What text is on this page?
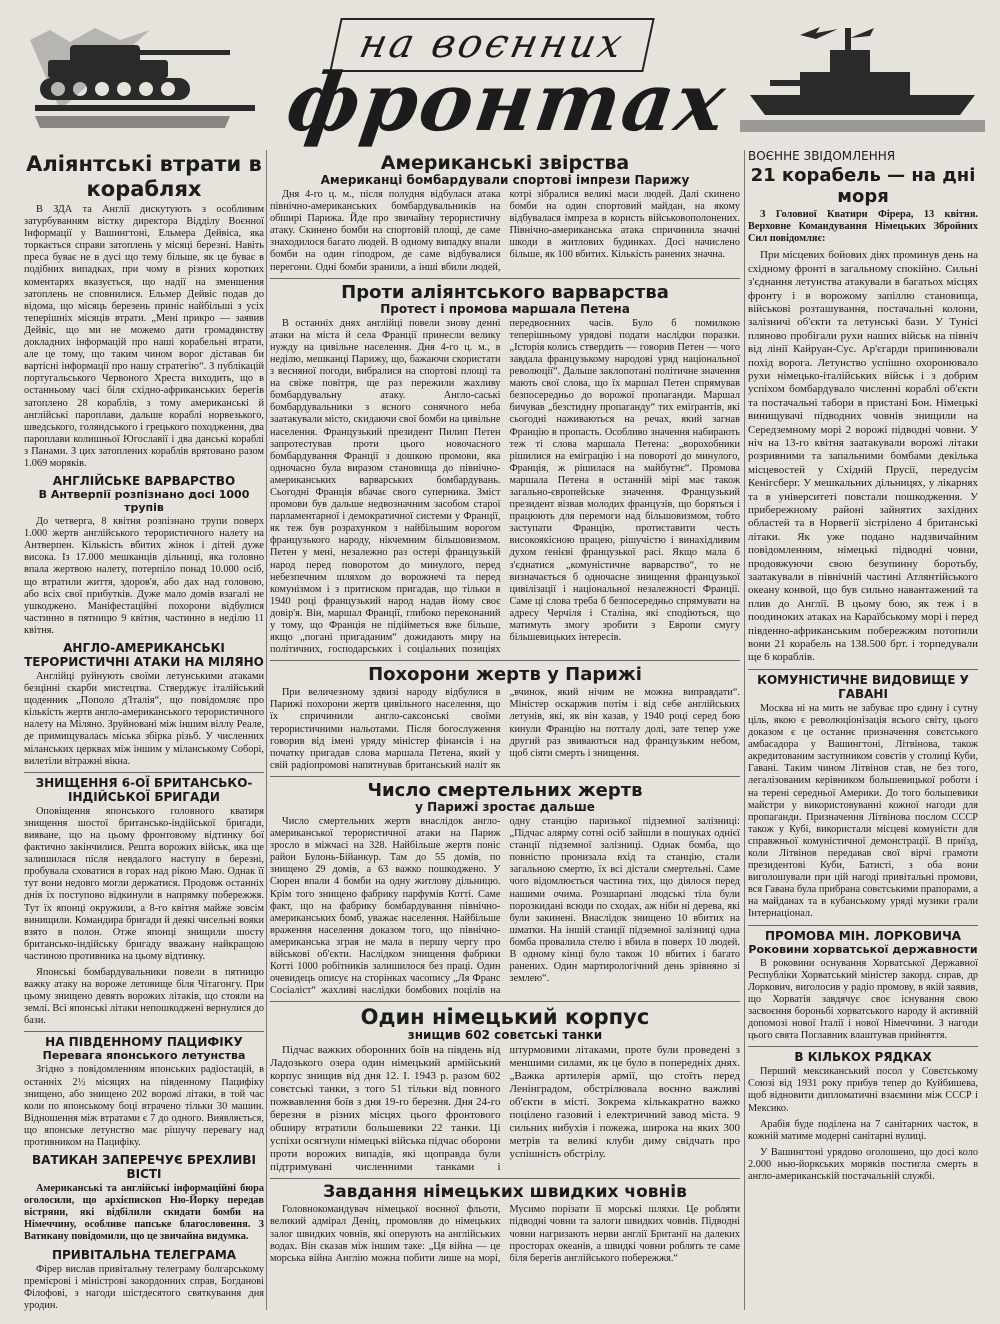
на воєнних
фронтах
Аліянтські втрати в кораблях

В ЗДА та Англії дискутують з особливим затурбуванням вістку директора Відділу Воєнної Інформації у Вашингтоні, Ельмера Дейвіса, яка торкається справи затоплень у місяці березні. Навіть преса буває не в дусі що тему більше, як це буває в подібних випадках, при чому в різних коротких коментарях вказується, що надії на зменшення затоплень не сповнилися. Ельмер Дейвіс подав до відома, що місяць березень приніс найбільші з усіх теперішніх місяців втрати. „Мені прикро — заявив Дейвіс, що ми не можемо дати громадянству докладних інформацій про наші корабельні втрати, але це тому, що таким чином ворог діставав би вартісні інформації про нашу стратегію“. З публікацій португальського Червоного Хреста виходить, що в останньому часі біля східно-африканських берегів затоплено 28 кораблів, з тому американські й англійські пароплави, дальше кораблі норвезького, шведського, голяндського і грецького походження, два пароплави колишньої Югославії і два данські кораблі з Панами. З цих затоплених кораблів врятовано разом 1.069 моряків.

АНГЛІЙСЬКЕ ВАРВАРСТВО
В Антверпії розпізнано досі 1000 трупів

До четверга, 8 квітня розпізнано трупи поверх 1.000 жертв англійського терористичного налету на Антверпен. Кількість вбитих жінок і дітей дуже висока. Із 17.000 мешканців дільниці, яка головно впала жертвою налету, потерпіло понад 10.000 осіб, що втратили життя, здоров'я, або дах над головою, або всіх свої прибутків. Дуже мало домів взагалі не ушкоджено. Маніфестаційні похорони відбулися частинно в пятницю 9 квітня, частинно в неділю 11 квітня.

АНГЛО-АМЕРИКАНСЬКІ ТЕРОРИСТИЧНІ АТАКИ НА МІЛЯНО

Англійці руйнують своїми летунськими атаками безцінні скарби мистецтва. Стверджує італійський щоденник „Пополо д'Італія“, що повідомляє про кількість жертв англо-американського терористичного налету на Міляно. Зруйновані між іншим віллу Реале, де примищувалась міська збірка різьб. У численних міланських церквах між іншим у міланському Соборі, вилетіли вітражні вікна.

ЗНИЩЕННЯ 6-ОЇ БРИТАНСЬКО-ІНДІЙСЬКОЇ БРИГАДИ

Оповіщення японського головного кватиря знищення шостої британсько-індійської бригади, вияване, що на цьому фронтовому відтинку бої фактично закінчилися. Решта ворожих військ, яка ще залишилася після невдалого наступу в березні, пробувала сховатися в горах над рікою Маю. Однак її тут вони недовго могли держатися. Продовж останніх днів їх поступово відкинули в напрямку побережжя. Тут їх японці окружили, а 8-го квітня майже зовсім винищили. Командира бригади й деякі чисельні вояки взято в полон. Отже японці знищили шосту британсько-індійську бригаду вважану найкращою частиною противника на цьому відтинку.

Японські бомбардувальники повели в пятницю важку атаку на вороже летовище біля Чітагонгу. При цьому знищено девять ворожих літаків, що стояли на землі. Всі японські літаки непошкоджені вернулися до бази.

НА ПІВДЕННОМУ ПАЦИФІКУ
Перевага японського летунства

Згідно з повідомленням японських радіостацій, в останніх 2½ місяцях на південному Пацифіку знищено, або знищено 202 ворожі літаки, в той час коли по японському боці втрачено тільки 30 машин. Відношення між втратами є 7 до одного. Виявляється, що японське летунство має рішучу перевагу над противником на Пацифіку.

ВАТИКАН ЗАПЕРЕЧУЄ БРЕХЛИВІ ВІСТІ

Американські та англійські інформаційні бюра оголосили, що архієпископ Ню-Йорку передав вістряни, які відбілили скидати бомби на Німеччину, особливе папське благословення. З Ватикану повідомили, що це звичайна видумка.

ПРИВІТАЛЬНА ТЕЛЕГРАМА

Фірер вислав привітальну телеграму болгарському премієрові і міністрові закордонних справ, Богданові Філофові, з нагоди шістдесятого святкування дня уродин.

Американські звірства
Американці бомбардували спортові імпрези Парижу

Дня 4-го ц. м., після полудня відбулася атака північно-американських бомбардувальників на обширі Парижа. Йде про звичайну терористичну атаку. Скинено бомби на спортовій площі, де саме знаходилося багато людей. В одному випадку впали бомби на один гіподром, де саме відбувалися перегони. Одні бомби зранили, а інші вбили людей, котрі зібралися великі маси людей. Далі скинено бомби на один спортовий майдан, на якому відбувалася імпреза в користь військовополонених. Північно-американська атака спричинила значні шкоди в житлових будинках. Досі начислено більше, як 100 вбитих. Кількість ранених значна.

Проти аліянтського варварства
Протест і промова маршала Петена

В останніх днях англійці повели знову денні атаки на міста й села Франції принесли велику нужду на цивільне населення. Дня 4-го ц. м., в неділю, мешканці Парижу, що, бажаючи скористати з весняної погоди, вибралися на спортові площі та на свіже повітря, ще раз пережили жахливу бомбардувальну атаку. Англо-саські бомбардувальники з ясного сонячного неба заатакували місто, скидаючи свої бомби на цивільне населення. Французький президент Пилип Петен запротестував проти цього новочасного бомбардування Франції з дошкою промови, яка одночасно була виразом становища до північно-американських варварських бомбардувань. Сьогодні Франція вбачає свого суперника. Зміст промови був дальше недвозначним засобом старої парламентарної і демократичної системи у Франції, як теж був розрахунком з найбільшим ворогом французького народу, нікчемним більшовизмом. Петен у мені, незалежно раз остері французькій народ перед поворотом до минулого, перед небезпечним шляхом до ворожнечі та перед комунізмом і з притиском пригадав, що тільки в 1940 році французький народ надав йому своє довір'я. Він, маршал Франції, глибоко переконаний у тому, що Франція не підійметься вже більше, якщо „погані пригаданим“ дожидають миру на політичних, господарських і соціальних позиціях передвоєнних часів. Було б помилкою теперішньому урядові подати наслідки поразки. „Історія колись ствердить — говорив Петен — чого завдала французькому народові уряд національної революції“. Дальше заклопотані політичне значення мають свої слова, що їх маршал Петен спрямував безпосередньо до ворожої пропаганди. Маршал бичував „безстидну пропаганду“ тих еміґрантів, які сьогодні наживаються на речах, який загнав Францію в пропасть. Особливо значення набирають теж ті слова маршала Петена: „ворохобники рішилися на еміграцію і на повороті до минулого, Франція, ж рішилася на майбутнє“. Промова маршала Петена в останній мірі має також загально-європейське значення. Французький президент візвав молодих французів, що боряться і працюють для перемоги над більшовизмом, тобто заступати Францію, протиставити честь високоякісною працею, рішучістю і винахідливим духом ґенієві французької расі. Якщо мала б з'єднатися „комуністичне варварство“, то не визначається б одночасне знищення французької цивілізації і національної незалежності Франції. Саме ці слова треба б безпосередньо спрямувати на адресу Черчіля і Сталіна, які сподіються, що матимуть змогу зробити з Европи смугу більшевицьких інтересів.

Похорони жертв у Парижі

При величезному здвизі народу відбулися в Парижі похорони жертв цивільного населення, що їх спричинили англо-саксонські своїми терористичними нальотами. Після богослуження говорив від імені уряду міністер фінансів і на початку пригадав слова маршала Петена, який у свій радіопромові напятнував британський наліт як „вчинок, який нічим не можна виправдати“. Міністер оскаржив потім і від себе англійських летунів, які, як він казав, у 1940 році серед бою кинули Францію на потталу долі, зате тепер уже другий раз звиваються над французьким небом, щоб сіяти смерть і знищення.

Число смертельних жертв
у Парижі зростає дальше

Число смертельних жертв внаслідок англо-американської терористичної атаки на Париж зросло в міжчасі на 328. Найбільше жертв поніс район Булонь-Бійанкур. Там до 55 домів, по знищено 29 домів, а 63 важко пошкоджено. У Сюрен впали 4 бомби на одну житлову дільницю. Крім того знищено фабрику парфумів Котті. Саме факт, що на фабрику бомбардування північно-американських бомб, уважає населення. Найбільше враження населення доказом того, що північно-американська зграя не мала в першу чергу про військові об'єкти. Наслідком знищення фабрики Котті 1000 робітників залишилося без праці. Один очевидець описує на сторінках часопису „Ля Франс Сосіаліст“ жахливі наслідки бомбових поцілів на одну станцію паризької підземної залізниці: „Підчас алярму сотні осіб зайшли в пошуках однієї станції підземної залізниці. Однак бомба, що повністю пронизала вхід та станцію, стали загальною смертю, їх всі дістали смертельні. Саме чого відомлюється частина тих, що діялося перед нашими очима. Розшарпані людські тіла були порозкидані всюди по сходах, аж ніби ні дерева, які були закинені. Внаслідок знищено 10 вбитих на шматки. На іншій станції підземної залізниці одна бомба провалила стелю і вбила в поверх 10 людей. В одному кінці було також 10 вбитих і багато ранених. Один мартирологічний день зрівняно зі землею“.

Один німецький корпус
знищив 602 совєтські танки

Підчас важких оборонних боїв на південь від Ладозького озера один німецький армійський корпус знищив від дня 12. І. 1943 р. разом 602 совєтські танки, з того 51 тільки від повного пожвавлення боїв з дня 19-го березня. Дня 24-го березня в різних місцях цього фронтового обширу втратили большевики 22 танки. Ці успіхи осягнули німецькі війська підчас оборони проти ворожих випадів, які щоправда були підтримувані численними танками і штурмовими літаками, проте були проведені з меншими силами, як це було в попередніх днях. „Важка артилерія армії, що стоїть перед Ленінградом, обстрілювала воєнно важливі об'єкти в місті. Зокрема кількакратно важко поцілено газовий і електричний завод міста. 9 сильних вибухів і пожежа, широка на яких 300 метрів та великі клуби диму свідчать про успішність обстрілу.

Завдання німецьких швидких човнів

Головнокомандувач німецької воєнної фльоти, великий адмірал Деніц, промовляв до німецьких залог швидких човнів, які оперують на англійських водах. Він сказав між іншим таке: „Ця війна — це морська війна Англію можна побити лише на морі, Мусимо порізати її морські шляхи. Це робляти підводні човни та залоги швидких човнів. Підводні човни нагризають нерви англії Британії на далеких просторах океанів, а швидкі човни роблять те саме біля берегів англійського побережжя.“

ВОЄННЕ ЗВІДОМЛЕННЯ
21 корабель — на дні моря

З Головної Кватири Фірера, 13 квітня. Верховне Командування Німецьких Збройних Сил повідомляє:

При місцевих бойових діях проминув день на східному фронті в загальному спокійно. Сильні з'єднання летунства атакували в багатьох місцях фронту і в ворожому запіллю становища, військові розташування, постачальні колони, залізничі об'єкти та летунські бази. У Тунісі пляново пробігали рухи наших військ на північ від лінії Кайруан-Сус. Ар'єгарди припинювали похід ворога. Летунство успішно охоронювало рухи німецько-італійських військ і з добрим успіхом бомбардувало численні кораблі об'єкти та постачальні табори в пристані Бон. Німецькі винищувачі підводних човнів знищили на Середземному морі 2 ворожі підводні човни. У ніч на 13-го квітня заатакували ворожі літаки розривними та запальними бомбами декілька місцевостей у Східній Прусії, передусім Кенігсберг. У мешкальних дільницях, у лікарнях та в університеті повстали пошкодження. У прибережному районі зайнятих західних областей та в Норвегії зістрілено 4 британські літаки. Як уже подано надзвичайним повідомленням, німецькі підводні човни, продовжуючи свою безупинну боротьбу, заатакували в північній частині Атлянтійського океану конвой, що був сильно навантажений та плив до Англії. В цьому бою, як теж і в поодиноких атаках на Караїбському морі і перед південно-африканським побережжям потопили вони 21 корабель на 138.500 брт. і торпедували ще 6 кораблів.

КОМУНІСТИЧНЕ ВИДОВИЩЕ У ГАВАНІ

Москва ні на мить не забуває про єдину і сутну ціль, якою є революціонізація всього світу, цього доказом є це останнє призначення совєтського амбасадора у Вашингтоні, Літвінова, також акредитованим заступником совєтів у столиці Куби, Гавані. Таким чином Літвінов став, не без того, легалізованим керівником большевицької роботи і на терені середньої Америки. До того большевики майстри у використовуванні кожної нагоди для пропаганди. Призначення Літвінова послом СССР також у Кубі, використали місцеві комуністи для справжньої комуністичної демонстрації. В приїзд, коли Літвінов передавав свої вірчі грамоти президентові Куби, Батисті, з оба вони виголошували при цій нагоді привітальні промови, вся Гавана була прибрана совєтськими прапорами, а на майданах та в кубанському уряді музики грали Інтернаціонал.

ПРОМОВА МІН. ЛОРКОВИЧА
Роковини хорватської державности

В роковини оснування Хорватської Державної Республіки Хорватський міністер закорд. справ, др Лоркович, виголосив у радіо промову, в якій заявив, що Хорватія завдячує своє існування свою засвоєння бороньбі хорватського народу й активній допомозі нової Італії і нової Німеччини. З нагоди цього свята Поглавник влаштував прийняття.

В КІЛЬКОХ РЯДКАХ

Перший мексиканський посол у Совєтському Союзі від 1931 року прибув тепер до Куйбишева, щоб відновити дипломатичні взаємини між СССР і Мексико.

Арабія буде поділена на 7 санітарних часток, в кожній матиме модерні санітарні вулиці.

У Вашингтоні урядово оголошено, що досі коло 2.000 нью-йоркських моряків постигла смерть в англо-американській постачальній службі.
